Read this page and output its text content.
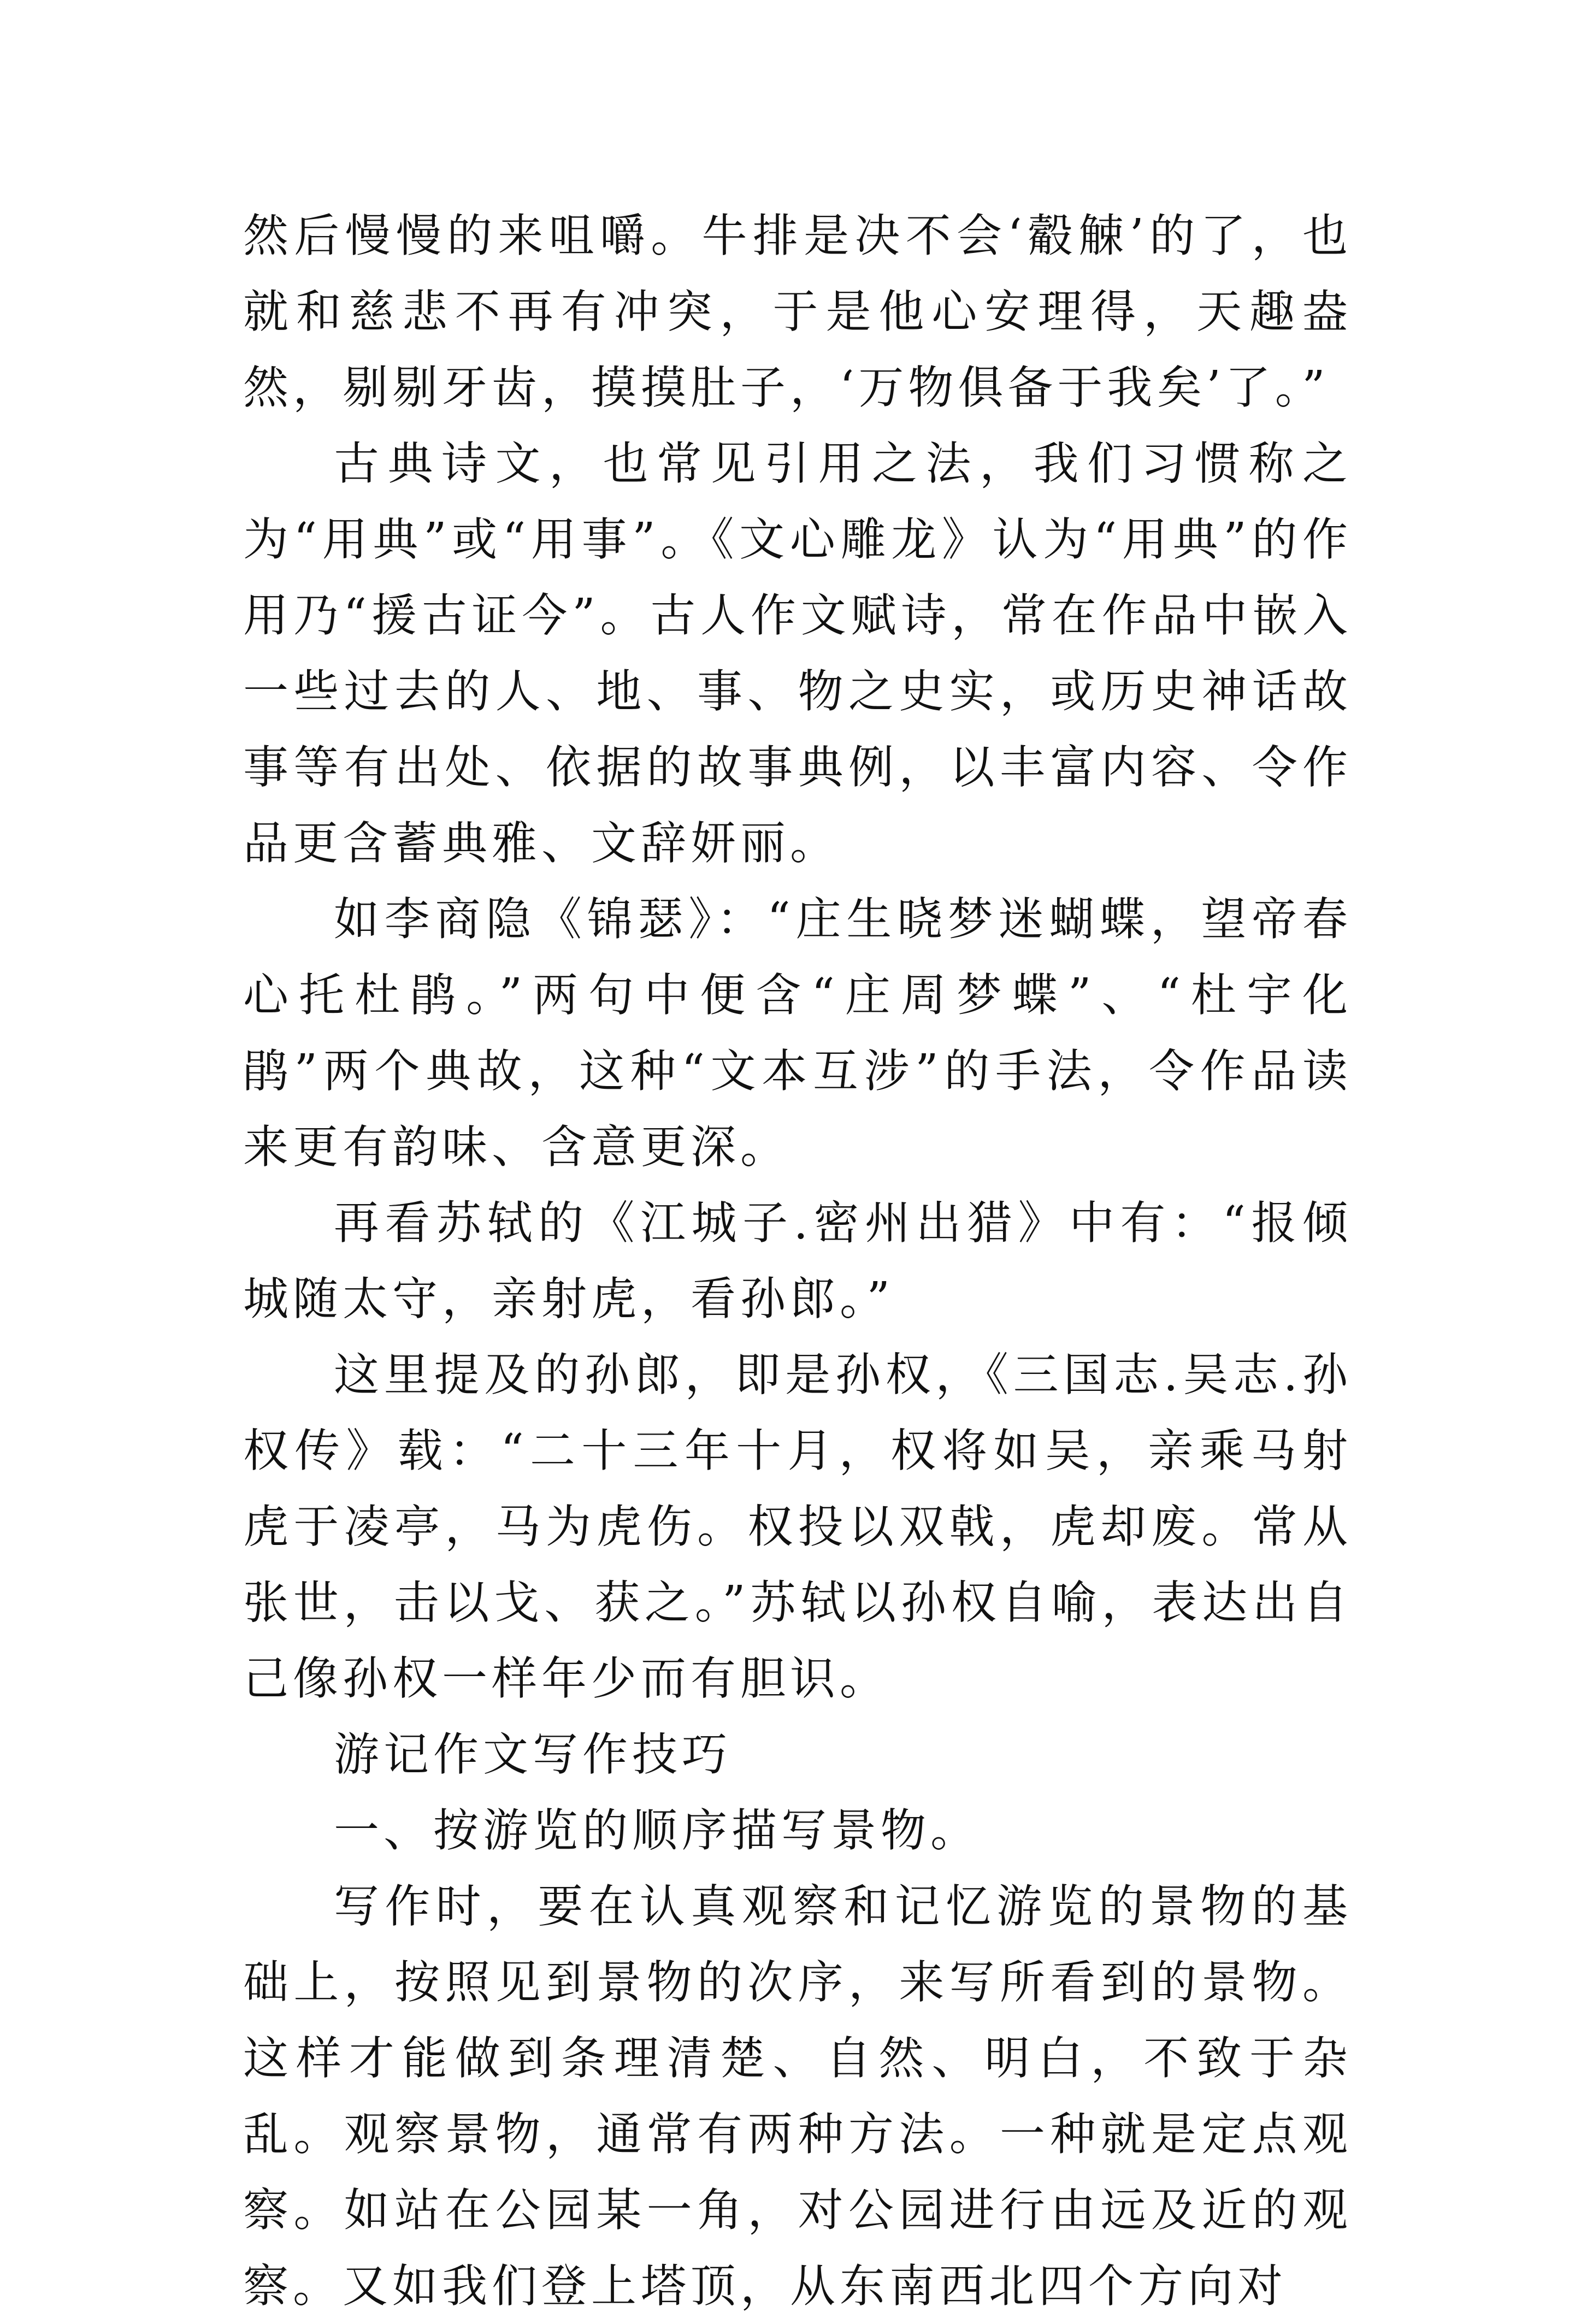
然后慢慢的来咀嚼。牛排是决不会‘觳觫’的了，也就和慈悲不再有冲突，于是他心安理得，天趣盎然，剔剔牙齿，摸摸肚子，‘万物俱备于我矣’了。”

古典诗文，也常见引用之法，我们习惯称之为“用典”或“用事”。《文心雕龙》认为“用典”的作用乃“援古证今”。古人作文赋诗，常在作品中嵌入一些过去的人、地、事、物之史实，或历史神话故事等有出处、依据的故事典例，以丰富内容、令作品更含蓄典雅、文辞妍丽。

如李商隐《锦瑟》：“庄生晓梦迷蝴蝶，望帝春心托杜鹃。”两句中便含“庄周梦蝶”、“杜宇化鹃”两个典故，这种“文本互涉”的手法，令作品读来更有韵味、含意更深。

再看苏轼的《江城子.密州出猎》中有：“报倾城随太守，亲射虎，看孙郎。”

这里提及的孙郎，即是孙权，《三国志.吴志.孙权传》载：“二十三年十月，权将如吴，亲乘马射虎于凌亭，马为虎伤。权投以双戟，虎却废。常从张世，击以戈、获之。”苏轼以孙权自喻，表达出自己像孙权一样年少而有胆识。

游记作文写作技巧

一、按游览的顺序描写景物。

写作时，要在认真观察和记忆游览的景物的基础上，按照见到景物的次序，来写所看到的景物。这样才能做到条理清楚、自然、明白，不致于杂乱。观察景物，通常有两种方法。一种就是定点观察。如站在公园某一角，对公园进行由远及近的观察。又如我们登上塔顶，从东南西北四个方向对
